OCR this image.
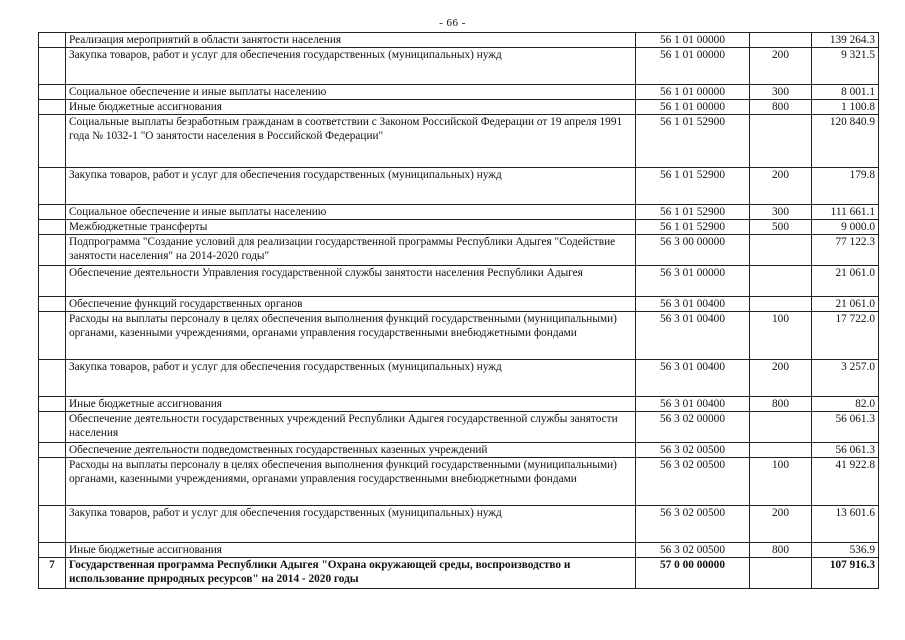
- 66 -
	Реализация мероприятий в области занятости населения	56 1 01 00000		139 264.3
	Закупка товаров, работ и услуг для обеспечения государственных (муниципальных) нужд	56 1 01 00000	200	9 321.5
	Социальное обеспечение и иные выплаты населению	56 1 01 00000	300	8 001.1
	Иные бюджетные ассигнования	56 1 01 00000	800	1 100.8
	Социальные выплаты безработным гражданам в соответствии с Законом Российской Федерации от 19 апреля 1991 года № 1032-1 "О занятости населения в Российской Федерации"	56 1 01 52900		120 840.9
	Закупка товаров, работ и услуг для обеспечения государственных (муниципальных) нужд	56 1 01 52900	200	179.8
	Социальное обеспечение и иные выплаты населению	56 1 01 52900	300	111 661.1
	Межбюджетные трансферты	56 1 01 52900	500	9 000.0
	Подпрограмма "Создание условий для реализации государственной программы Республики Адыгея "Содействие занятости населения" на 2014-2020 годы"	56 3 00 00000		77 122.3
	Обеспечение деятельности Управления государственной службы занятости населения Республики Адыгея	56 3 01 00000		21 061.0
	Обеспечение функций государственных органов	56 3 01 00400		21 061.0
	Расходы на выплаты персоналу в целях обеспечения выполнения функций государственными (муниципальными) органами, казенными учреждениями, органами управления государственными внебюджетными фондами	56 3 01 00400	100	17 722.0
	Закупка товаров, работ и услуг для обеспечения государственных (муниципальных) нужд	56 3 01 00400	200	3 257.0
	Иные бюджетные ассигнования	56 3 01 00400	800	82.0
	Обеспечение деятельности государственных учреждений Республики Адыгея государственной службы занятости населения	56 3 02 00000		56 061.3
	Обеспечение деятельности подведомственных государственных казенных учреждений	56 3 02 00500		56 061.3
	Расходы на выплаты персоналу в целях обеспечения выполнения функций государственными (муниципальными) органами, казенными учреждениями, органами управления государственными внебюджетными фондами	56 3 02 00500	100	41 922.8
	Закупка товаров, работ и услуг для обеспечения государственных (муниципальных) нужд	56 3 02 00500	200	13 601.6
	Иные бюджетные ассигнования	56 3 02 00500	800	536.9
7	Государственная программа Республики Адыгея "Охрана окружающей среды, воспроизводство и использование природных ресурсов" на 2014 - 2020 годы	57 0 00 00000		107 916.3
